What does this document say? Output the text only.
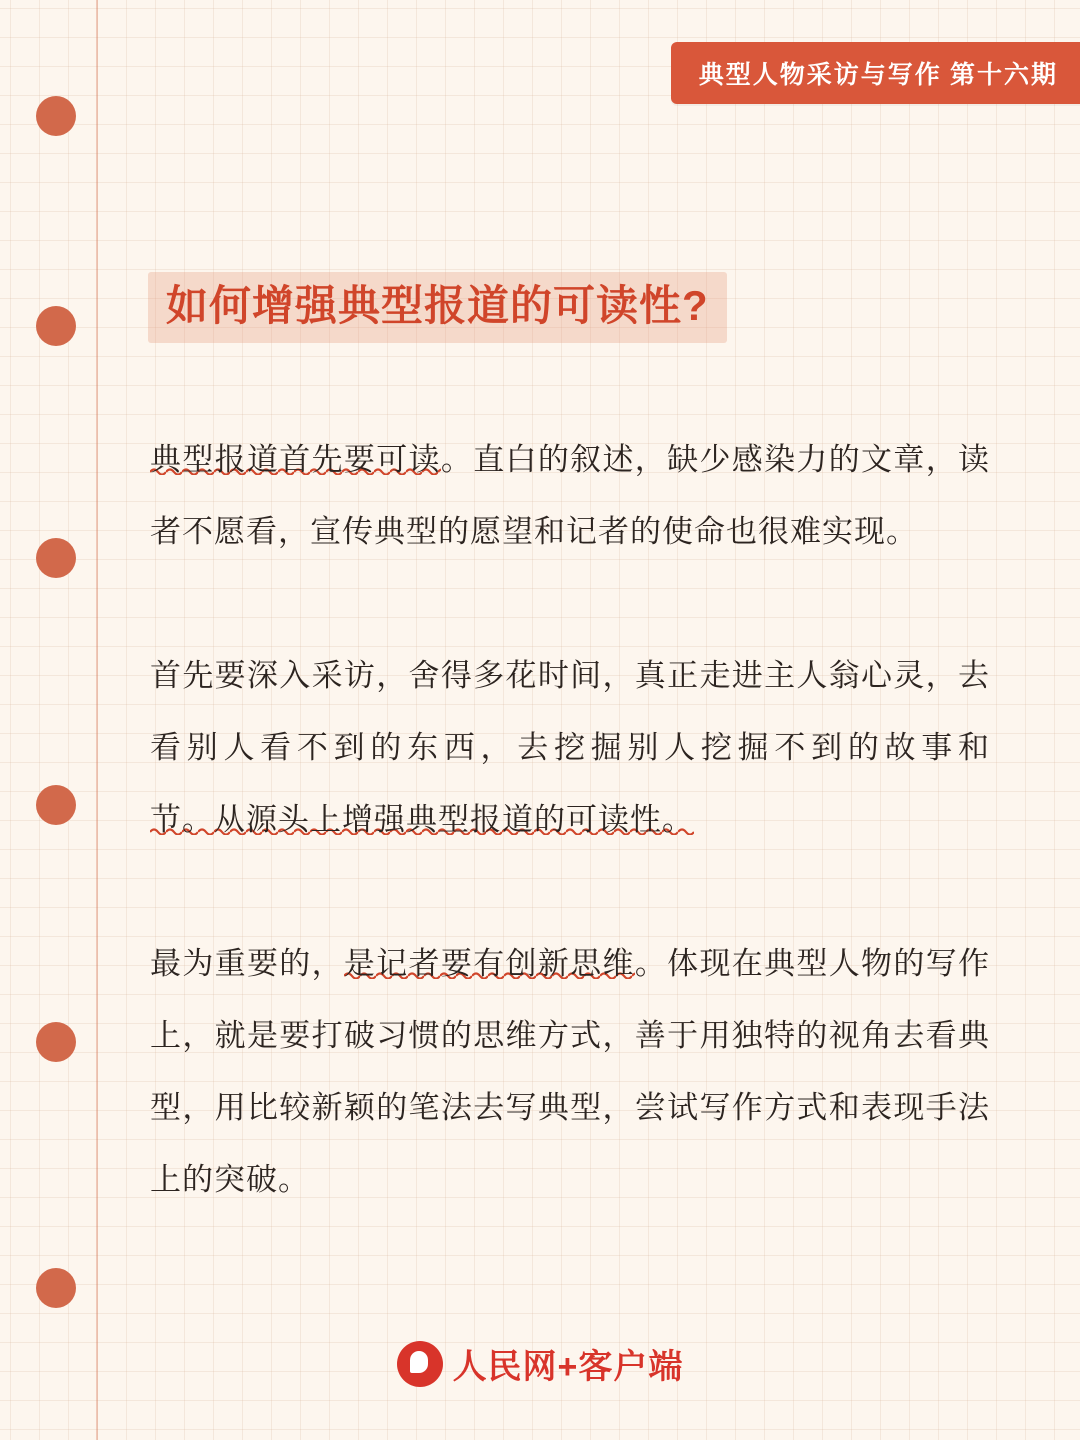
典型人物采访与写作 第十六期
如何增强典型报道的可读性?

典型报道首先要可读。直白的叙述，缺少感染力的文章，读者不愿看，宣传典型的愿望和记者的使命也很难实现。

首先要深入采访，舍得多花时间，真正走进主人翁心灵，去看别人看不到的东西，去挖掘别人挖掘不到的故事和节。从源头上增强典型报道的可读性。

最为重要的，是记者要有创新思维。体现在典型人物的写作上，就是要打破习惯的思维方式，善于用独特的视角去看典型，用比较新颖的笔法去写典型，尝试写作方式和表现手法上的突破。

人民网+客户端
